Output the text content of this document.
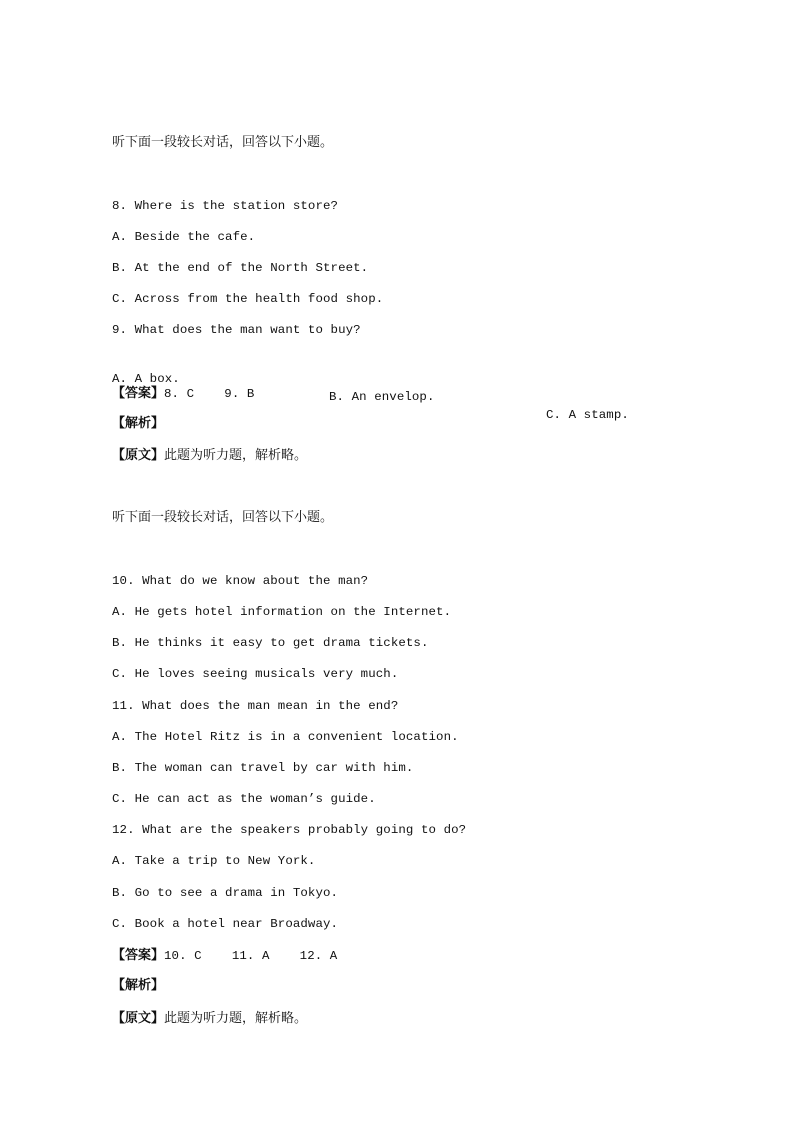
听下面一段较长对话，回答以下小题。
8. Where is the station store?
A. Beside the cafe.
B. At the end of the North Street.
C. Across from the health food shop.
9. What does the man want to buy?

A. A box.

B. An envelop.

C. A stamp.

【答案】8. C    9. B
【解析】
【原文】此题为听力题，解析略。
听下面一段较长对话，回答以下小题。
10. What do we know about the man?
A. He gets hotel information on the Internet.
B. He thinks it easy to get drama tickets.
C. He loves seeing musicals very much.
11. What does the man mean in the end?
A. The Hotel Ritz is in a convenient location.
B. The woman can travel by car with him.
C. He can act as the woman’s guide.
12. What are the speakers probably going to do?
A. Take a trip to New York.
B. Go to see a drama in Tokyo.
C. Book a hotel near Broadway.
【答案】10. C    11. A    12. A
【解析】
【原文】此题为听力题，解析略。
